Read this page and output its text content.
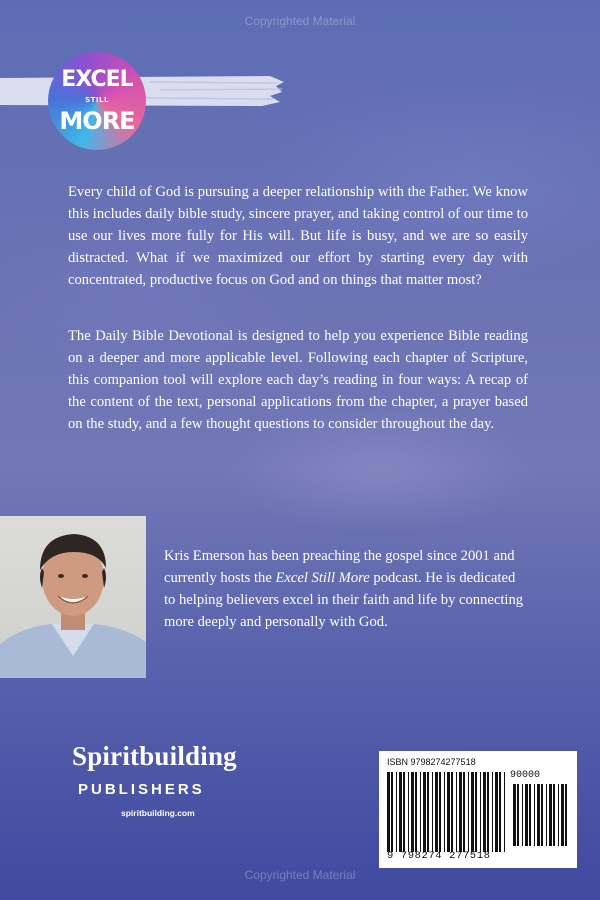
Copyrighted Material
EXCEL
STILL
MORE

Every child of God is pursuing a deeper relationship with the Father. We know this includes daily bible study, sincere prayer, and taking control of our time to use our lives more fully for His will. But life is busy, and we are so easily distracted. What if we maximized our effort by starting every day with concentrated, productive focus on God and on things that matter most?

The Daily Bible Devotional is designed to help you experience Bible reading on a deeper and more applicable level. Following each chapter of Scripture, this companion tool will explore each day’s reading in four ways: A recap of the content of the text, personal applications from the chapter, a prayer based on the study, and a few thought questions to consider throughout the day.

Kris Emerson has been preaching the gospel since 2001 and currently hosts the Excel Still More podcast. He is dedicated to helping believers excel in their faith and life by connecting more deeply and personally with God.

Spiritbuilding
PUBLISHERS
spiritbuilding.com
ISBN 9798274277518
90000
9 798274 277518
Copyrighted Material
